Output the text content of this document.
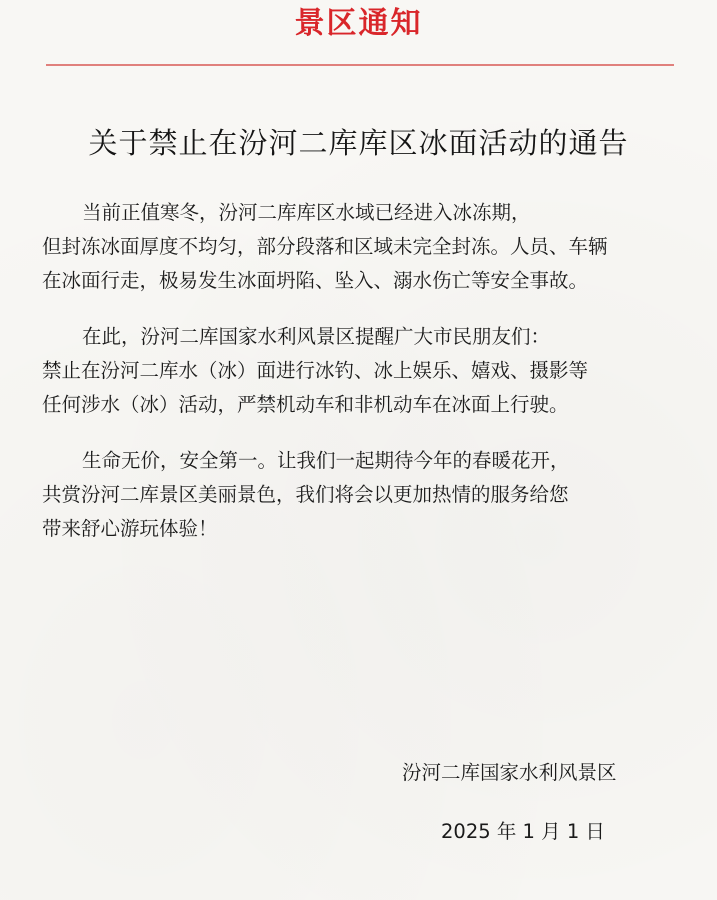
景区通知
关于禁止在汾河二库库区冰面活动的通告

当前正值寒冬，汾河二库库区水域已经进入冰冻期，
但封冻冰面厚度不均匀，部分段落和区域未完全封冻。人员、车辆
在冰面行走，极易发生冰面坍陷、坠入、溺水伤亡等安全事故。

在此，汾河二库国家水利风景区提醒广大市民朋友们：
禁止在汾河二库水（冰）面进行冰钓、冰上娱乐、嬉戏、摄影等
任何涉水（冰）活动，严禁机动车和非机动车在冰面上行驶。

生命无价，安全第一。让我们一起期待今年的春暖花开，
共赏汾河二库景区美丽景色，我们将会以更加热情的服务给您
带来舒心游玩体验！

汾河二库国家水利风景区
2025 年 1 月 1 日
